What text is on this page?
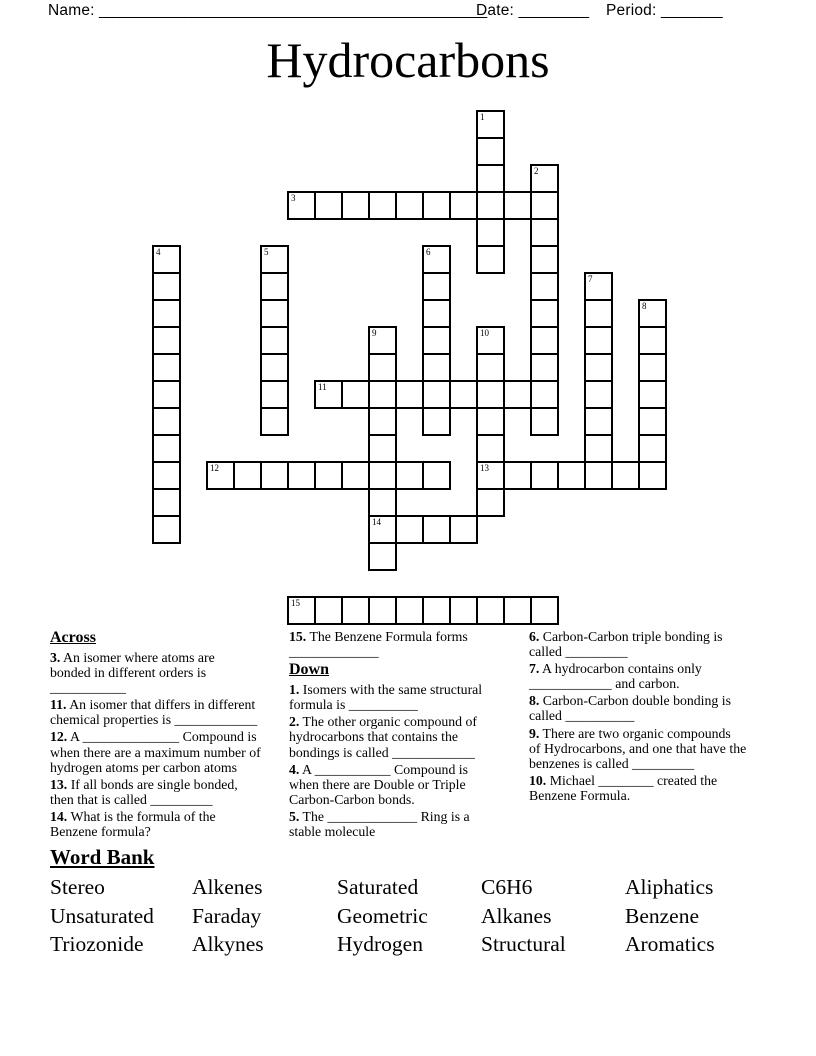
Name: ____________________________________________
Date: ________ Period: _______
Hydrocarbons
1
2
3
4	5	6
7
8
9
14
10
13
11
12
15
Across
3. An isomer where atoms are
bonded in different orders is
___________
11. An isomer that differs in different
chemical properties is ____________
12. A ______________ Compound is
when there are a maximum number of
hydrogen atoms per carbon atoms
13. If all bonds are single bonded,
then that is called _________
14. What is the formula of the
Benzene formula?
15. The Benzene Formula forms
_____________
Down
1. Isomers with the same structural
formula is __________
2. The other organic compound of
hydrocarbons that contains the
bondings is called ____________
4. A ___________ Compound is
when there are Double or Triple
Carbon-Carbon bonds.
5. The _____________ Ring is a
stable molecule
6. Carbon-Carbon triple bonding is
called _________
7. A hydrocarbon contains only
____________ and carbon.
8. Carbon-Carbon double bonding is
called __________
9. There are two organic compounds
of Hydrocarbons, and one that have the
benzenes is called _________
10. Michael ________ created the
Benzene Formula.
Word Bank
Stereo
Unsaturated
Triozonide
Alkenes
Faraday
Alkynes
Saturated
Geometric
Hydrogen
C6H6
Alkanes
Structural
Aliphatics
Benzene
Aromatics
